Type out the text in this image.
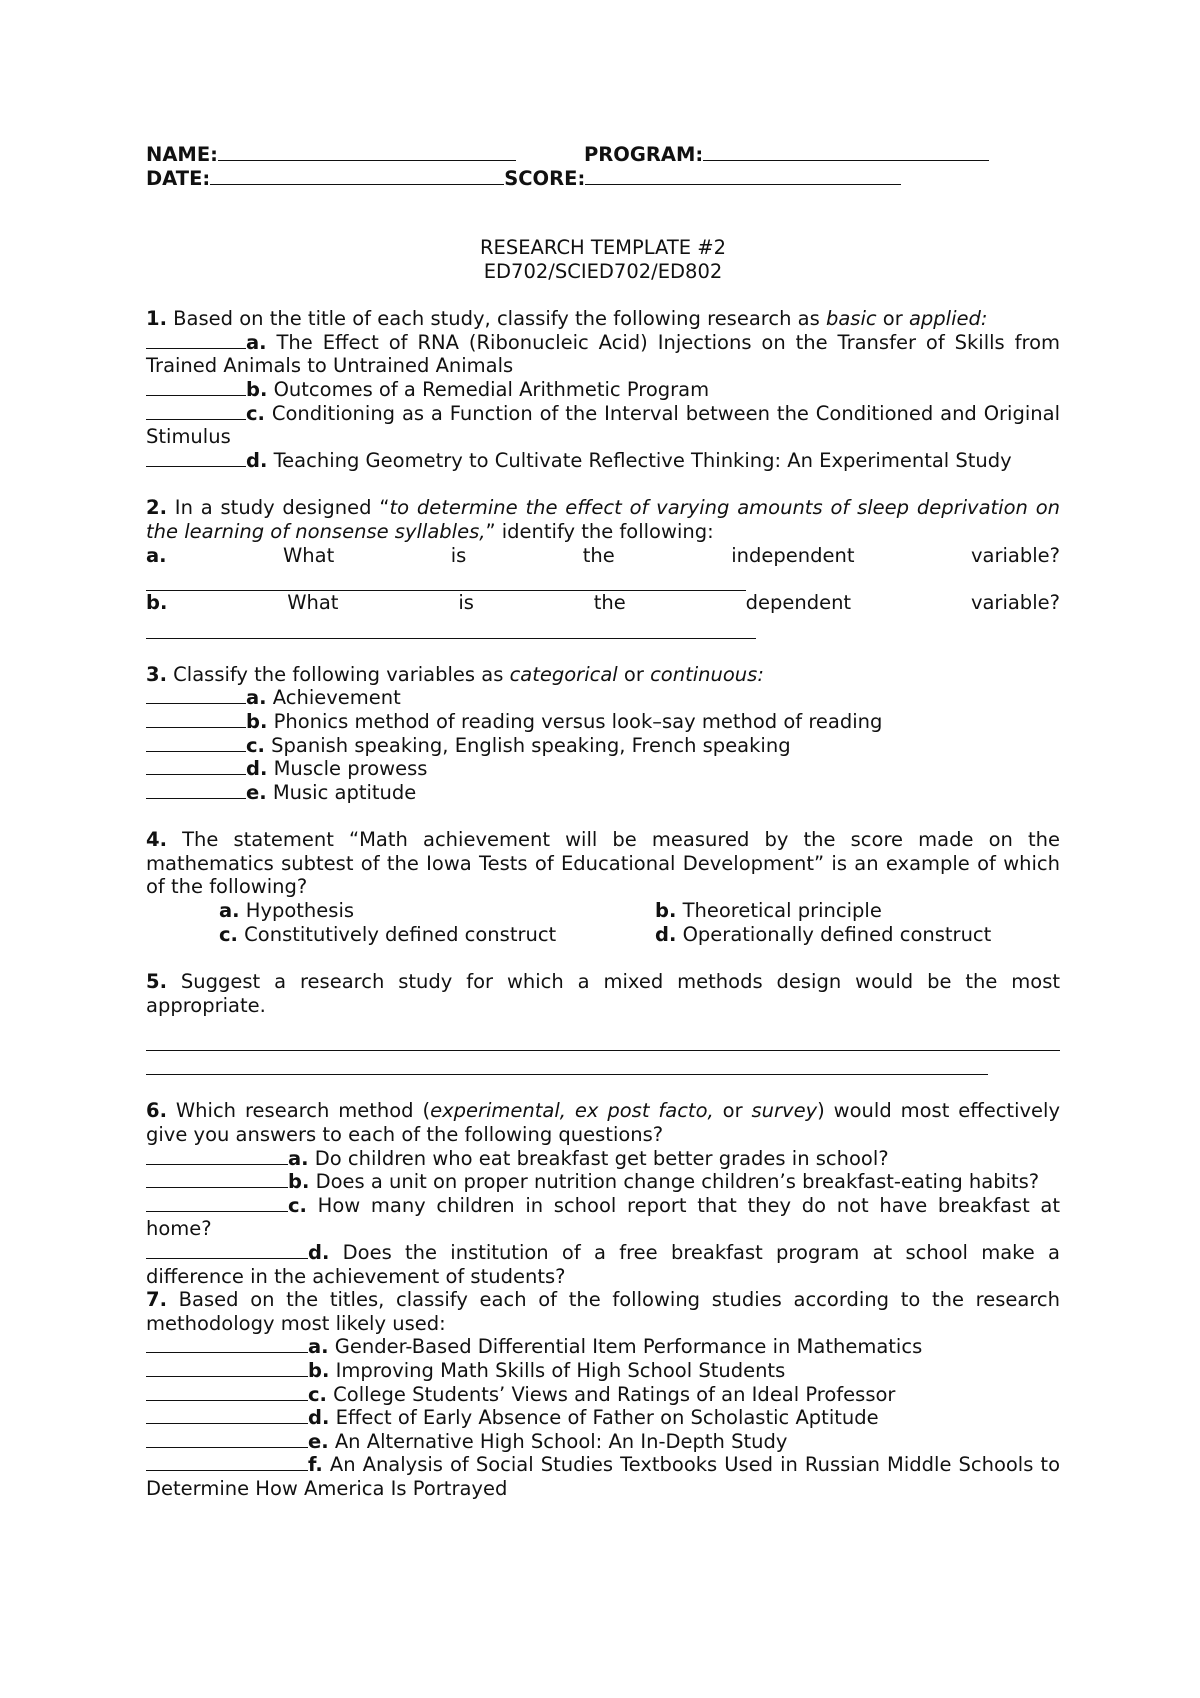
NAME:	PROGRAM:
DATE:	SCORE:
RESEARCH TEMPLATE #2
ED702/SCIED702/ED802
1. Based on the title of each study, classify the following research as basic or applied:
a. The Effect of RNA (Ribonucleic Acid) Injections on the Transfer of Skills from Trained Animals to Untrained Animals
b. Outcomes of a Remedial Arithmetic Program
c. Conditioning as a Function of the Interval between the Conditioned and Original Stimulus
d. Teaching Geometry to Cultivate Reflective Thinking: An Experimental Study
2. In a study designed “to determine the effect of varying amounts of sleep deprivation on the learning of nonsense syllables,” identify the following:
a.	What	is	the	independent	variable?
b.	What	is	the	dependent	variable?
3. Classify the following variables as categorical or continuous:
a. Achievement
b. Phonics method of reading versus look–say method of reading
c. Spanish speaking, English speaking, French speaking
d. Muscle prowess
e. Music aptitude
4. The statement “Math achievement will be measured by the score made on the mathematics subtest of the Iowa Tests of Educational Development” is an example of which of the following?
a. Hypothesis	b. Theoretical principle
c. Constitutively defined construct	d. Operationally defined construct
5. Suggest a research study for which a mixed methods design would be the most appropriate.
6. Which research method (experimental, ex post facto, or survey) would most effectively give you answers to each of the following questions?
a. Do children who eat breakfast get better grades in school?
b. Does a unit on proper nutrition change children’s breakfast-eating habits?
c. How many children in school report that they do not have breakfast at home?
d. Does the institution of a free breakfast program at school make a difference in the achievement of students?
7. Based on the titles, classify each of the following studies according to the research methodology most likely used:
a. Gender-Based Differential Item Performance in Mathematics
b. Improving Math Skills of High School Students
c. College Students’ Views and Ratings of an Ideal Professor
d. Effect of Early Absence of Father on Scholastic Aptitude
e. An Alternative High School: An In-Depth Study
f. An Analysis of Social Studies Textbooks Used in Russian Middle Schools to Determine How America Is Portrayed
